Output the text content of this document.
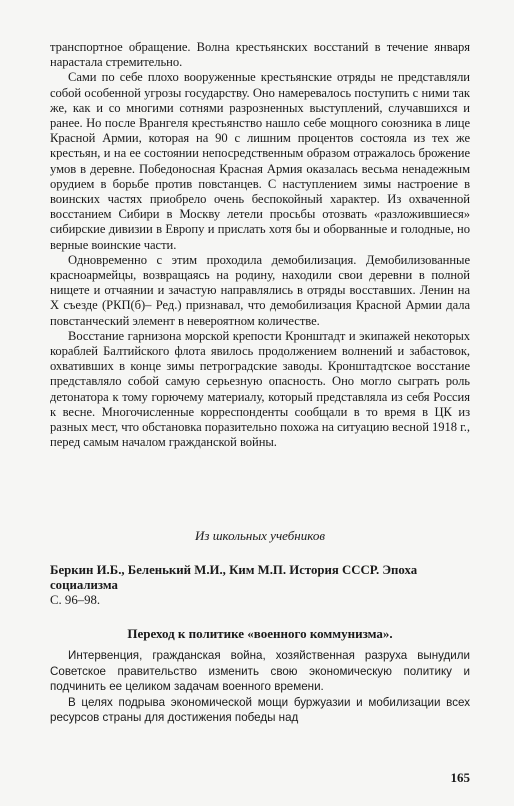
транспортное обращение. Волна крестьянских восстаний в течение января нарастала стремительно.

Сами по себе плохо вооруженные крестьянские отряды не представляли собой особенной угрозы государству. Оно намеревалось поступить с ними так же, как и со многими сотнями разрозненных выступлений, случавшихся и ранее. Но после Врангеля крестьянство нашло себе мощного союзника в лице Красной Армии, которая на 90 с лишним процентов состояла из тех же крестьян, и на ее состоянии непосредственным образом отражалось брожение умов в деревне. Победоносная Красная Армия оказалась весьма ненадежным орудием в борьбе против повстанцев. С наступлением зимы настроение в воинских частях приобрело очень беспокойный характер. Из охваченной восстанием Сибири в Москву летели просьбы отозвать «разложившиеся» сибирские дивизии в Европу и прислать хотя бы и оборванные и голодные, но верные воинские части.

Одновременно с этим проходила демобилизация. Демобилизованные красноармейцы, возвращаясь на родину, находили свои деревни в полной нищете и отчаянии и зачастую направлялись в отряды восставших. Ленин на X съезде (РКП(б)– Ред.) признавал, что демобилизация Красной Армии дала повстанческий элемент в невероятном количестве.

Восстание гарнизона морской крепости Кронштадт и экипажей некоторых кораблей Балтийского флота явилось продолжением волнений и забастовок, охвативших в конце зимы петроградские заводы. Кронштадтское восстание представляло собой самую серьезную опасность. Оно могло сыграть роль детонатора к тому горючему материалу, который представляла из себя Россия к весне. Многочисленные корреспонденты сообщали в то время в ЦК из разных мест, что обстановка поразительно похожа на ситуацию весной 1918 г., перед самым началом гражданской войны.

Из школьных учебников
Беркин И.Б., Беленький М.И., Ким М.П. История СССР. Эпоха социализма
С. 96–98.
Переход к политике «военного коммунизма».

Интервенция, гражданская война, хозяйственная разруха вынудили Советское правительство изменить свою экономическую политику и подчинить ее целиком задачам военного времени.

В целях подрыва экономической мощи буржуазии и мобилизации всех ресурсов страны для достижения победы над

165
